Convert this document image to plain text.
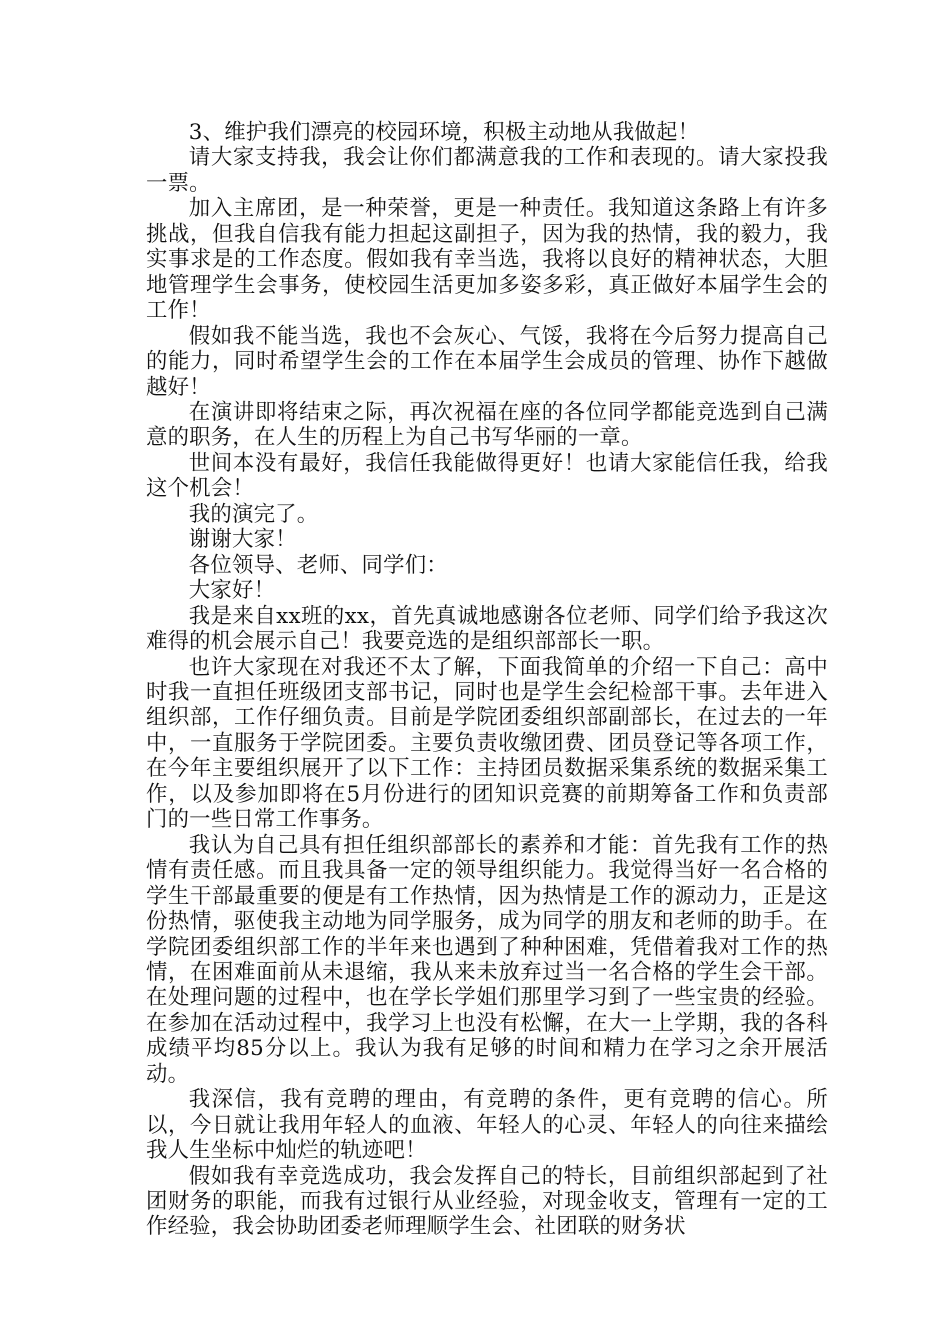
3、维护我们漂亮的校园环境，积极主动地从我做起！

请大家支持我，我会让你们都满意我的工作和表现的。请大家投我一票。

加入主席团，是一种荣誉，更是一种责任。我知道这条路上有许多挑战，但我自信我有能力担起这副担子，因为我的热情，我的毅力，我实事求是的工作态度。假如我有幸当选，我将以良好的精神状态，大胆地管理学生会事务，使校园生活更加多姿多彩，真正做好本届学生会的工作！

假如我不能当选，我也不会灰心、气馁，我将在今后努力提高自己的能力，同时希望学生会的工作在本届学生会成员的管理、协作下越做越好！

在演讲即将结束之际，再次祝福在座的各位同学都能竞选到自己满意的职务，在人生的历程上为自己书写华丽的一章。

世间本没有最好，我信任我能做得更好！也请大家能信任我，给我这个机会！

我的演完了。

谢谢大家！

各位领导、老师、同学们：

大家好！

我是来自xx班的xx，首先真诚地感谢各位老师、同学们给予我这次难得的机会展示自己！我要竞选的是组织部部长一职。

也许大家现在对我还不太了解，下面我简单的介绍一下自己：高中时我一直担任班级团支部书记，同时也是学生会纪检部干事。去年进入组织部，工作仔细负责。目前是学院团委组织部副部长，在过去的一年中，一直服务于学院团委。主要负责收缴团费、团员登记等各项工作，在今年主要组织展开了以下工作：主持团员数据采集系统的数据采集工作，以及参加即将在5月份进行的团知识竞赛的前期筹备工作和负责部门的一些日常工作事务。

我认为自己具有担任组织部部长的素养和才能：首先我有工作的热情有责任感。而且我具备一定的领导组织能力。我觉得当好一名合格的学生干部最重要的便是有工作热情，因为热情是工作的源动力，正是这份热情，驱使我主动地为同学服务，成为同学的朋友和老师的助手。在学院团委组织部工作的半年来也遇到了种种困难，凭借着我对工作的热情，在困难面前从未退缩，我从来未放弃过当一名合格的学生会干部。在处理问题的过程中，也在学长学姐们那里学习到了一些宝贵的经验。在参加在活动过程中，我学习上也没有松懈，在大一上学期，我的各科成绩平均85分以上。我认为我有足够的时间和精力在学习之余开展活动。

我深信，我有竞聘的理由，有竞聘的条件，更有竞聘的信心。所以，今日就让我用年轻人的血液、年轻人的心灵、年轻人的向往来描绘我人生坐标中灿烂的轨迹吧！

假如我有幸竞选成功，我会发挥自己的特长，目前组织部起到了社团财务的职能，而我有过银行从业经验，对现金收支，管理有一定的工作经验，我会协助团委老师理顺学生会、社团联的财务状
